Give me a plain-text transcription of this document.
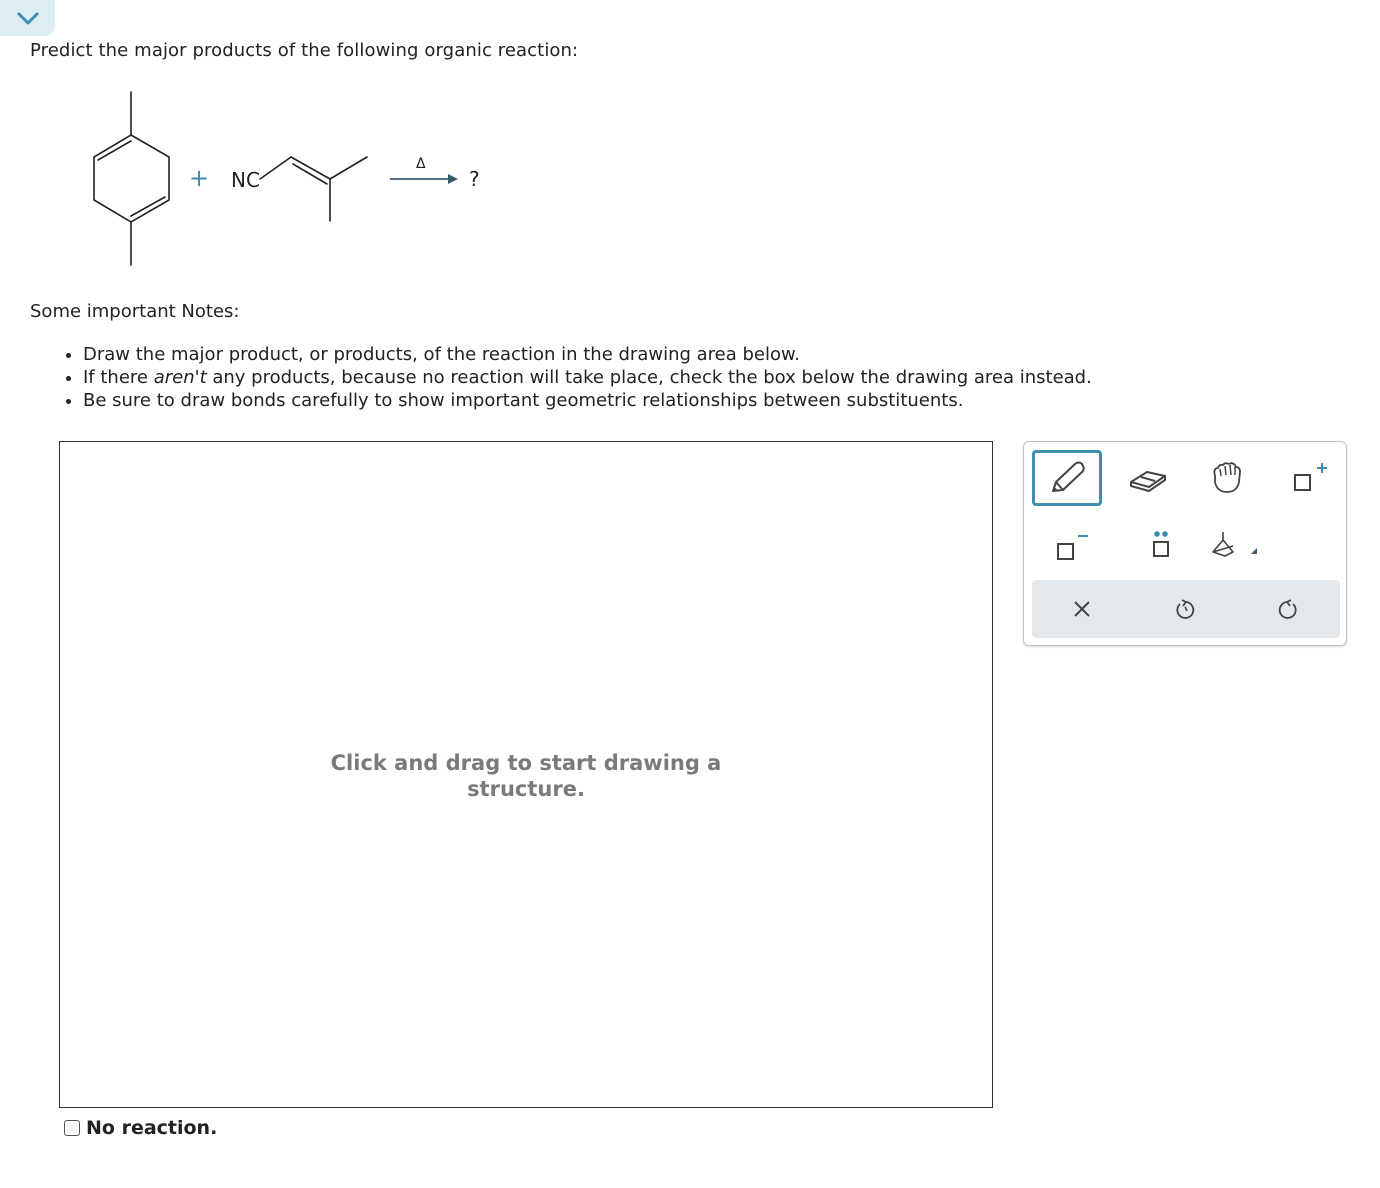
Predict the major products of the following organic reaction:
+ NC
Δ
?
Some important Notes:
• Draw the major product, or products, of the reaction in the drawing area below.
• If there aren't any products, because no reaction will take place, check the box below the drawing area instead.
• Be sure to draw bonds carefully to show important geometric relationships between substituents.
Click and drag to start drawing a structure.
No reaction.
